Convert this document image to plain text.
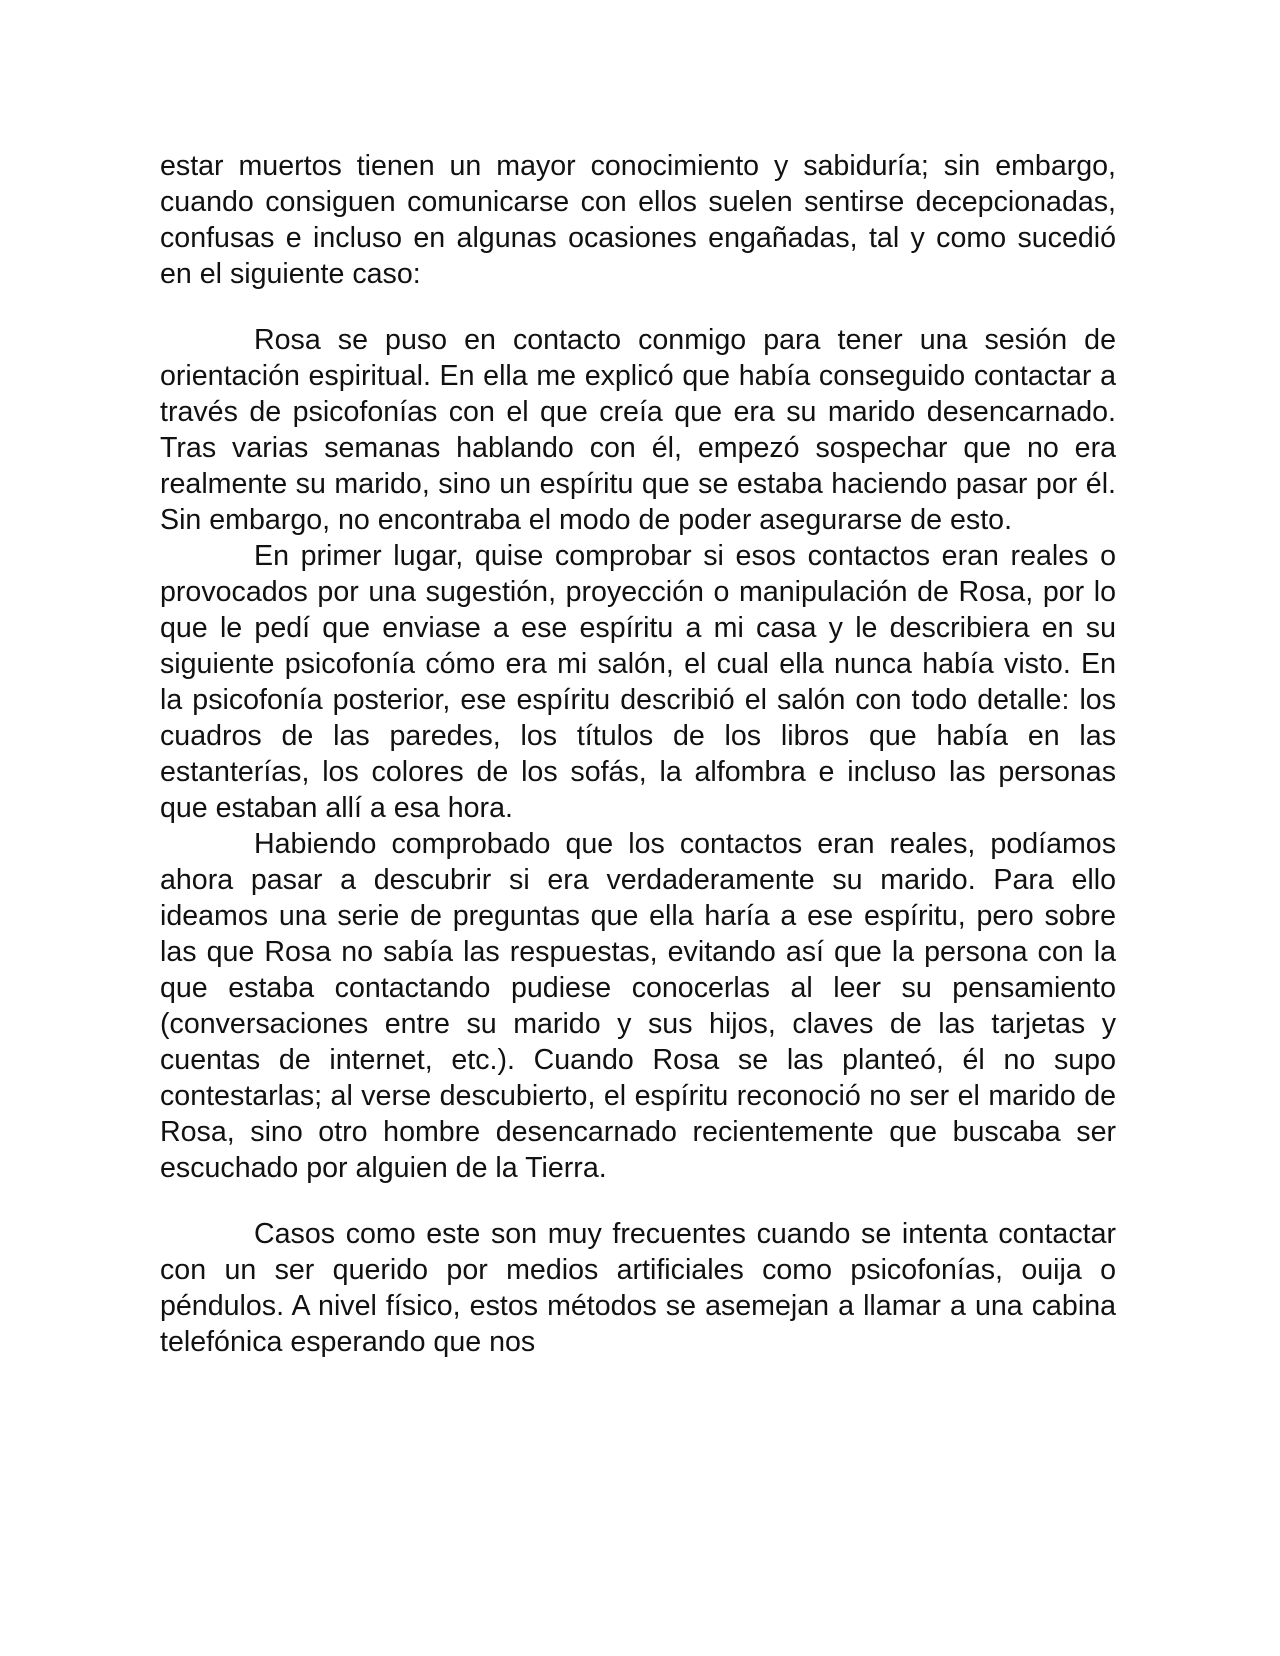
estar muertos tienen un mayor conocimiento y sabiduría; sin embargo, cuando consiguen comunicarse con ellos suelen sentirse decepcionadas, confusas e incluso en algunas ocasiones engañadas, tal y como sucedió en el siguiente caso:

Rosa se puso en contacto conmigo para tener una sesión de orientación espiritual. En ella me explicó que había conseguido contactar a través de psicofonías con el que creía que era su marido desencarnado. Tras varias semanas hablando con él, empezó sospechar que no era realmente su marido, sino un espíritu que se estaba haciendo pasar por él. Sin embargo, no encontraba el modo de poder asegurarse de esto.

En primer lugar, quise comprobar si esos contactos eran reales o provocados por una sugestión, proyección o manipulación de Rosa, por lo que le pedí que enviase a ese espíritu a mi casa y le describiera en su siguiente psicofonía cómo era mi salón, el cual ella nunca había visto. En la psicofonía posterior, ese espíritu describió el salón con todo detalle: los cuadros de las paredes, los títulos de los libros que había en las estanterías, los colores de los sofás, la alfombra e incluso las personas que estaban allí a esa hora.

Habiendo comprobado que los contactos eran reales, podíamos ahora pasar a descubrir si era verdaderamente su marido. Para ello ideamos una serie de preguntas que ella haría a ese espíritu, pero sobre las que Rosa no sabía las respuestas, evitando así que la persona con la que estaba contactando pudiese conocerlas al leer su pensamiento (conversaciones entre su marido y sus hijos, claves de las tarjetas y cuentas de internet, etc.). Cuando Rosa se las planteó, él no supo contestarlas; al verse descubierto, el espíritu reconoció no ser el marido de Rosa, sino otro hombre desencarnado recientemente que buscaba ser escuchado por alguien de la Tierra.

Casos como este son muy frecuentes cuando se intenta contactar con un ser querido por medios artificiales como psicofonías, ouija o péndulos. A nivel físico, estos métodos se asemejan a llamar a una cabina telefónica esperando que nos
